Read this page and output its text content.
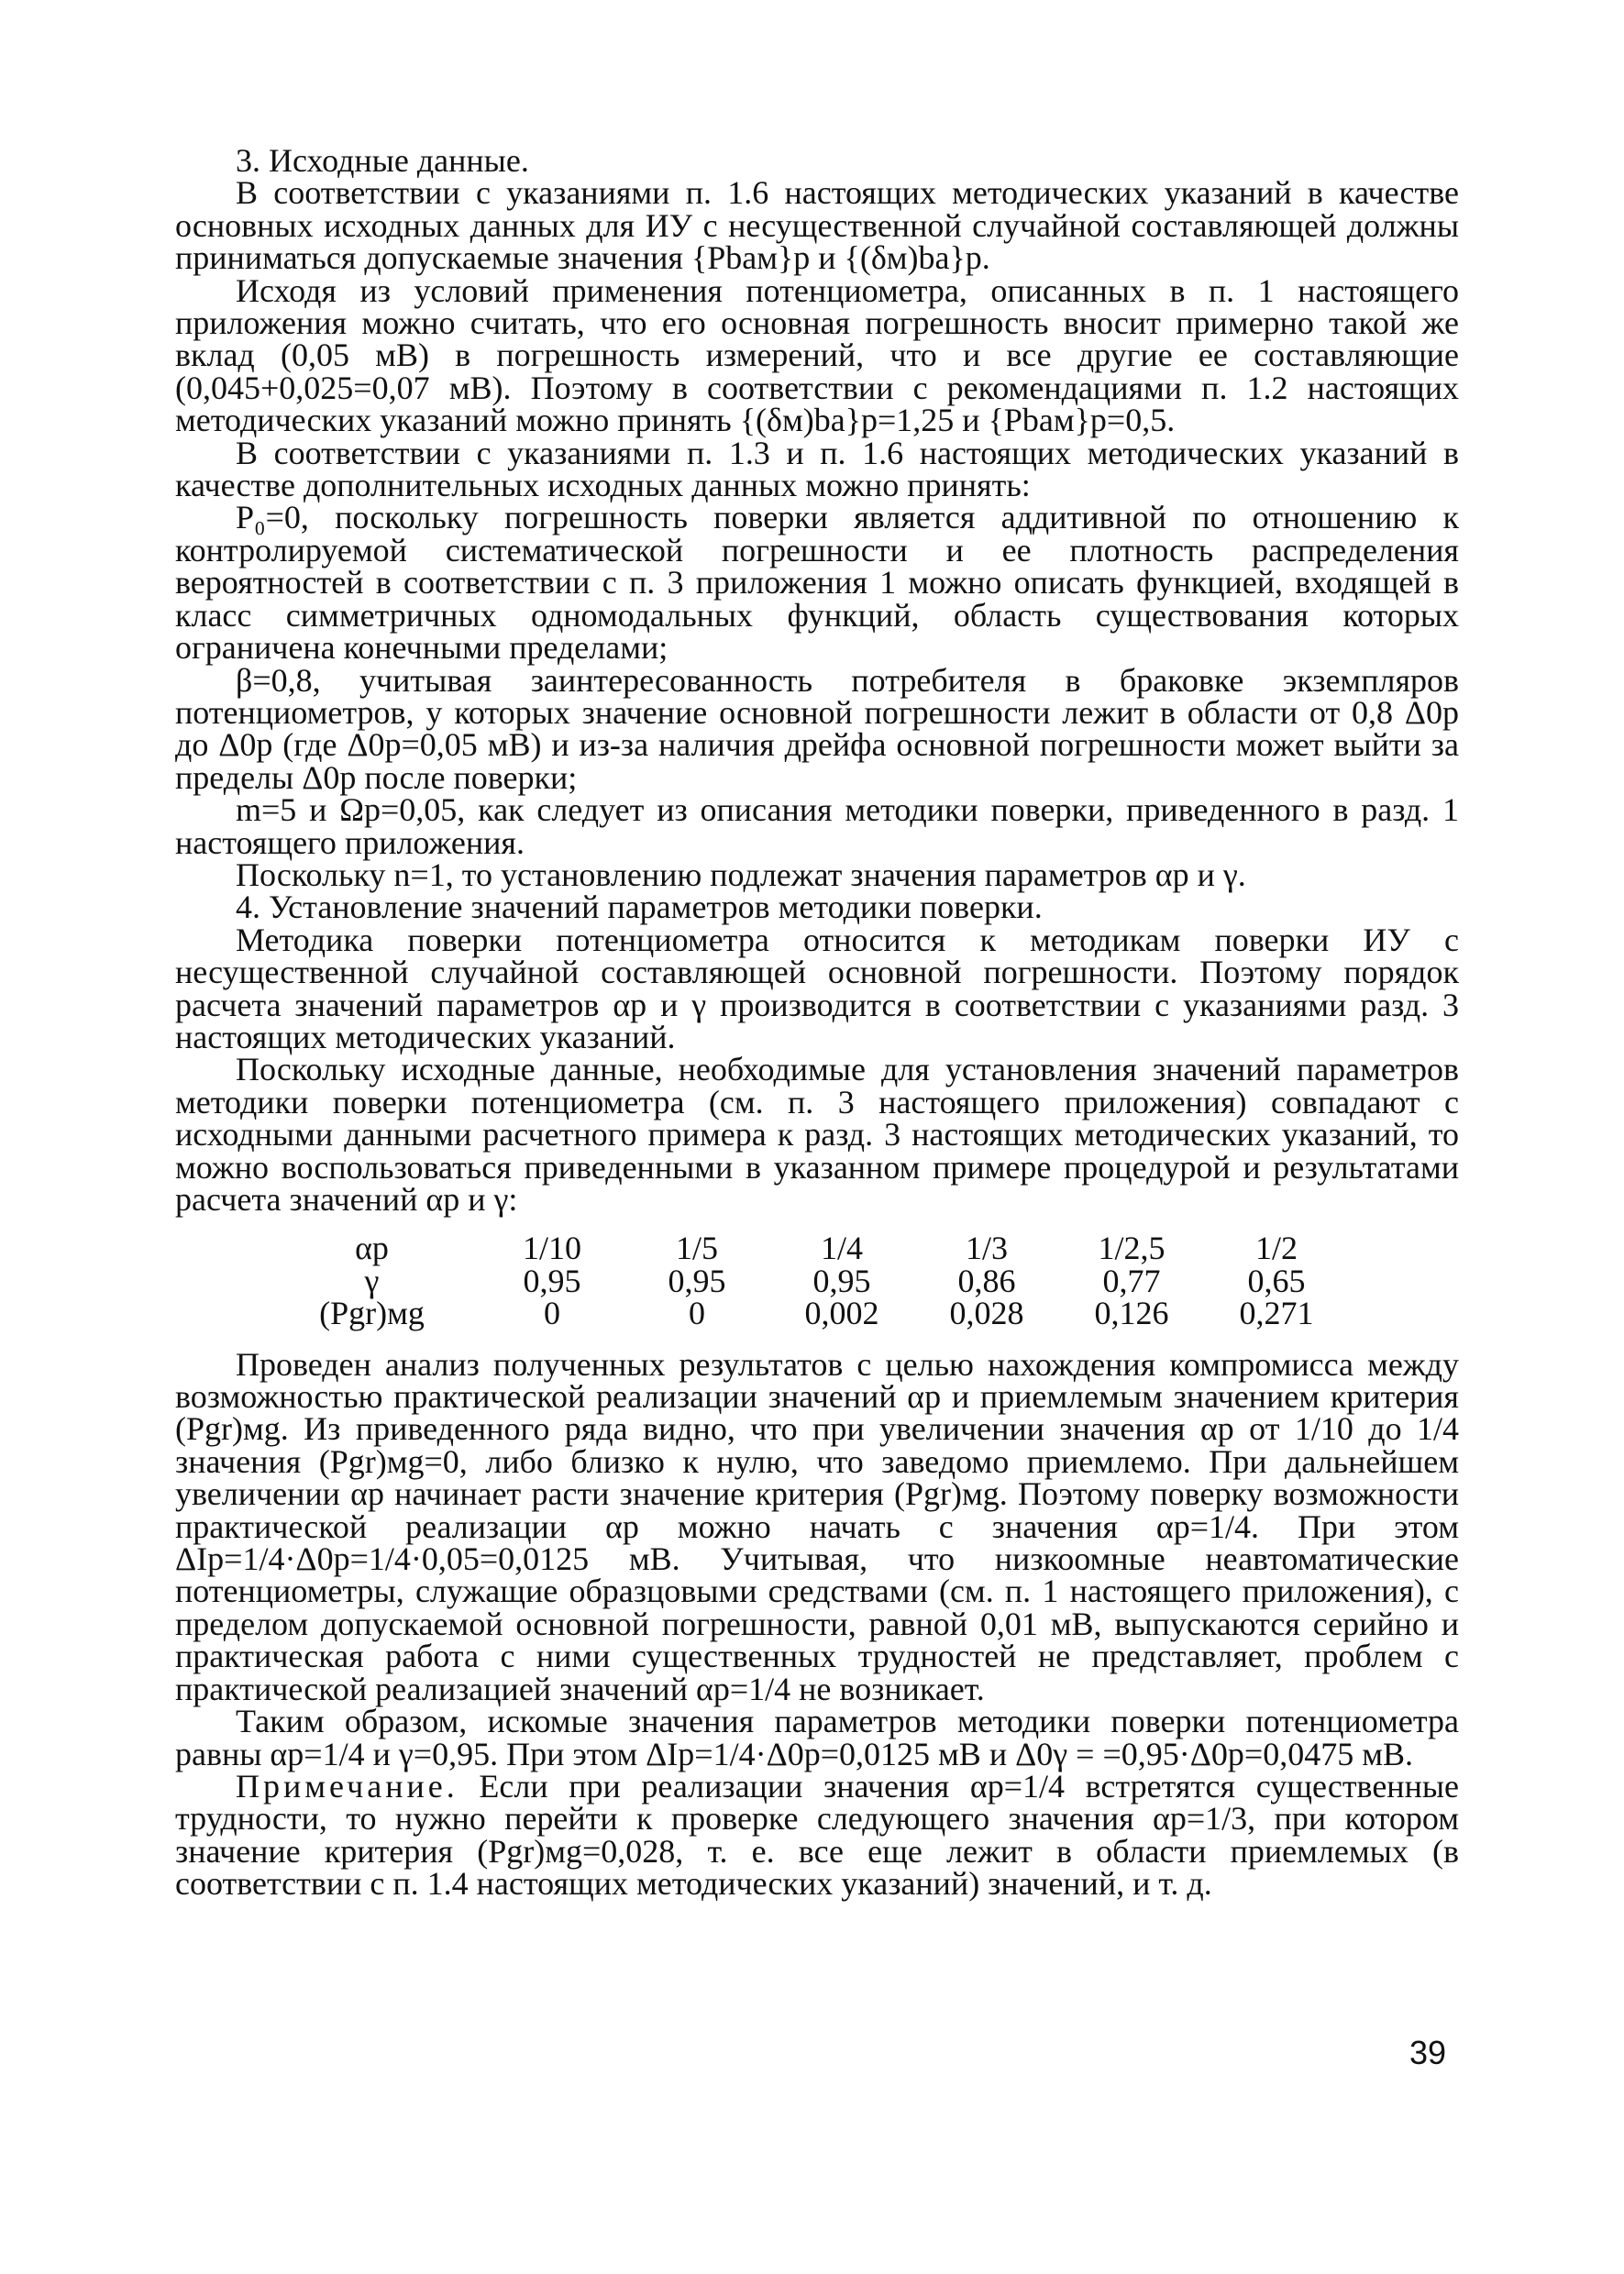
3. Исходные данные.

В соответствии с указаниями п. 1.6 настоящих методических указаний в качестве основных исходных данных для ИУ с несущественной случайной составляющей должны приниматься допускаемые значения {Pbaм}p и {(δм)ba}p.

Исходя из условий применения потенциометра, описанных в п. 1 настоящего приложения можно считать, что его основная погрешность вносит примерно такой же вклад (0,05 мВ) в погрешность измерений, что и все другие ее составляющие (0,045+0,025=0,07 мВ). Поэтому в соответствии с рекомендациями п. 1.2 настоящих методических указаний можно принять {(δм)ba}p=1,25 и {Pbaм}p=0,5.

В соответствии с указаниями п. 1.3 и п. 1.6 настоящих методических указаний в качестве дополнительных исходных данных можно принять:

P₀=0, поскольку погрешность поверки является аддитивной по отношению к контролируемой систематической погрешности и ее плотность распределения вероятностей в соответствии с п. 3 приложения 1 можно описать функцией, входящей в класс симметричных одномодальных функций, область существования которых ограничена конечными пределами;

β=0,8, учитывая заинтересованность потребителя в браковке экземпляров потенциометров, у которых значение основной погрешности лежит в области от 0,8 Δ0p до Δ0p (где Δ0p=0,05 мВ) и из-за наличия дрейфа основной погрешности может выйти за пределы Δ0p после поверки;

m=5 и Ωp=0,05, как следует из описания методики поверки, приведенного в разд. 1 настоящего приложения.

Поскольку n=1, то установлению подлежат значения параметров αp и γ.

4. Установление значений параметров методики поверки.

Методика поверки потенциометра относится к методикам поверки ИУ с несущественной случайной составляющей основной погрешности. Поэтому порядок расчета значений параметров αp и γ производится в соответствии с указаниями разд. 3 настоящих методических указаний.

Поскольку исходные данные, необходимые для установления значений параметров методики поверки потенциометра (см. п. 3 настоящего приложения) совпадают с исходными данными расчетного примера к разд. 3 настоящих методических указаний, то можно воспользоваться приведенными в указанном примере процедурой и результатами расчета значений αp и γ:

αp	1/10	1/5	1/4	1/3	1/2,5	1/2
γ	0,95	0,95	0,95	0,86	0,77	0,65
(Pgr)мg	0	0	0,002	0,028	0,126	0,271

Проведен анализ полученных результатов с целью нахождения компромисса между возможностью практической реализации значений αp и приемлемым значением критерия (Pgr)мg. Из приведенного ряда видно, что при увеличении значения αp от 1/10 до 1/4 значения (Pgr)мg=0, либо близко к нулю, что заведомо приемлемо. При дальнейшем увеличении αp начинает расти значение критерия (Pgr)мg. Поэтому поверку возможности практической реализации αp можно начать с значения αp=1/4. При этом ΔIp=1/4·Δ0p=1/4·0,05=0,0125 мВ. Учитывая, что низкоомные неавтоматические потенциометры, служащие образцовыми средствами (см. п. 1 настоящего приложения), с пределом допускаемой основной погрешности, равной 0,01 мВ, выпускаются серийно и практическая работа с ними существенных трудностей не представляет, проблем с практической реализацией значений αp=1/4 не возникает.

Таким образом, искомые значения параметров методики поверки потенциометра равны αp=1/4 и γ=0,95. При этом ΔIp=1/4·Δ0p=0,0125 мВ и Δ0γ = =0,95·Δ0p=0,0475 мВ.

Примечание. Если при реализации значения αp=1/4 встретятся существенные трудности, то нужно перейти к проверке следующего значения αp=1/3, при котором значение критерия (Pgr)мg=0,028, т. е. все еще лежит в области приемлемых (в соответствии с п. 1.4 настоящих методических указаний) значений, и т. д.

39
